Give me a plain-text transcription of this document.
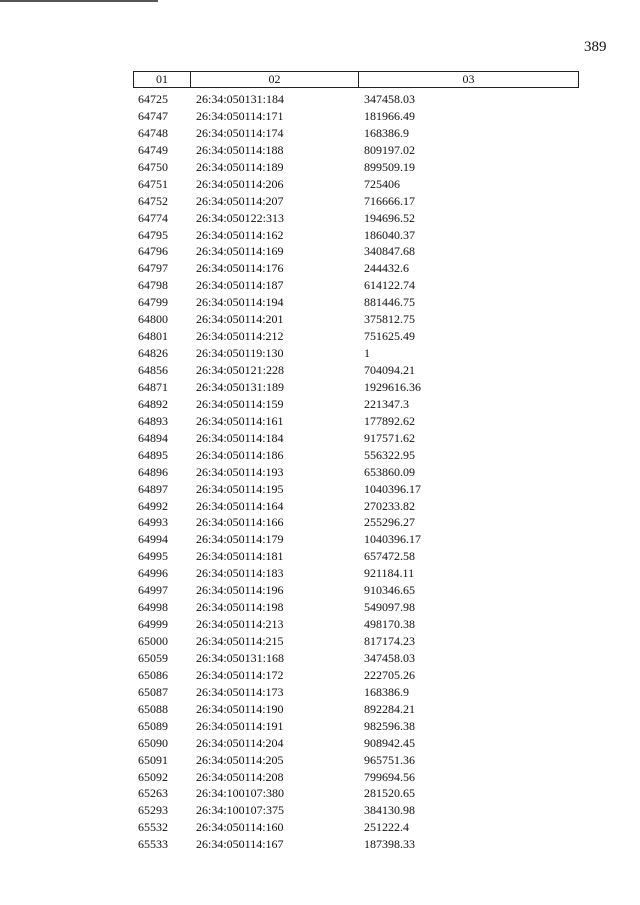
389
01	02	03
64725 26:34:050131:184	347458.03
64747 26:34:050114:171	181966.49
64748 26:34:050114:174	168386.9
64749 26:34:050114:188	809197.02
64750 26:34:050114:189	899509.19
64751 26:34:050114:206	725406
64752 26:34:050114:207	716666.17
64774 26:34:050122:313	194696.52
64795 26:34:050114:162	186040.37
64796 26:34:050114:169	340847.68
64797 26:34:050114:176	244432.6
64798 26:34:050114:187	614122.74
64799 26:34:050114:194	881446.75
64800 26:34:050114:201	375812.75
64801 26:34:050114:212	751625.49
64826 26:34:050119:130	1
64856 26:34:050121:228	704094.21
64871 26:34:050131:189	1929616.36
64892 26:34:050114:159	221347.3
64893 26:34:050114:161	177892.62
64894 26:34:050114:184	917571.62
64895 26:34:050114:186	556322.95
64896 26:34:050114:193	653860.09
64897 26:34:050114:195	1040396.17
64992 26:34:050114:164	270233.82
64993 26:34:050114:166	255296.27
64994 26:34:050114:179	1040396.17
64995 26:34:050114:181	657472.58
64996 26:34:050114:183	921184.11
64997 26:34:050114:196	910346.65
64998 26:34:050114:198	549097.98
64999 26:34:050114:213	498170.38
65000 26:34:050114:215	817174.23
65059 26:34:050131:168	347458.03
65086 26:34:050114:172	222705.26
65087 26:34:050114:173	168386.9
65088 26:34:050114:190	892284.21
65089 26:34:050114:191	982596.38
65090 26:34:050114:204	908942.45
65091 26:34:050114:205	965751.36
65092 26:34:050114:208	799694.56
65263 26:34:100107:380	281520.65
65293 26:34:100107:375	384130.98
65532 26:34:050114:160	251222.4
65533 26:34:050114:167	187398.33
